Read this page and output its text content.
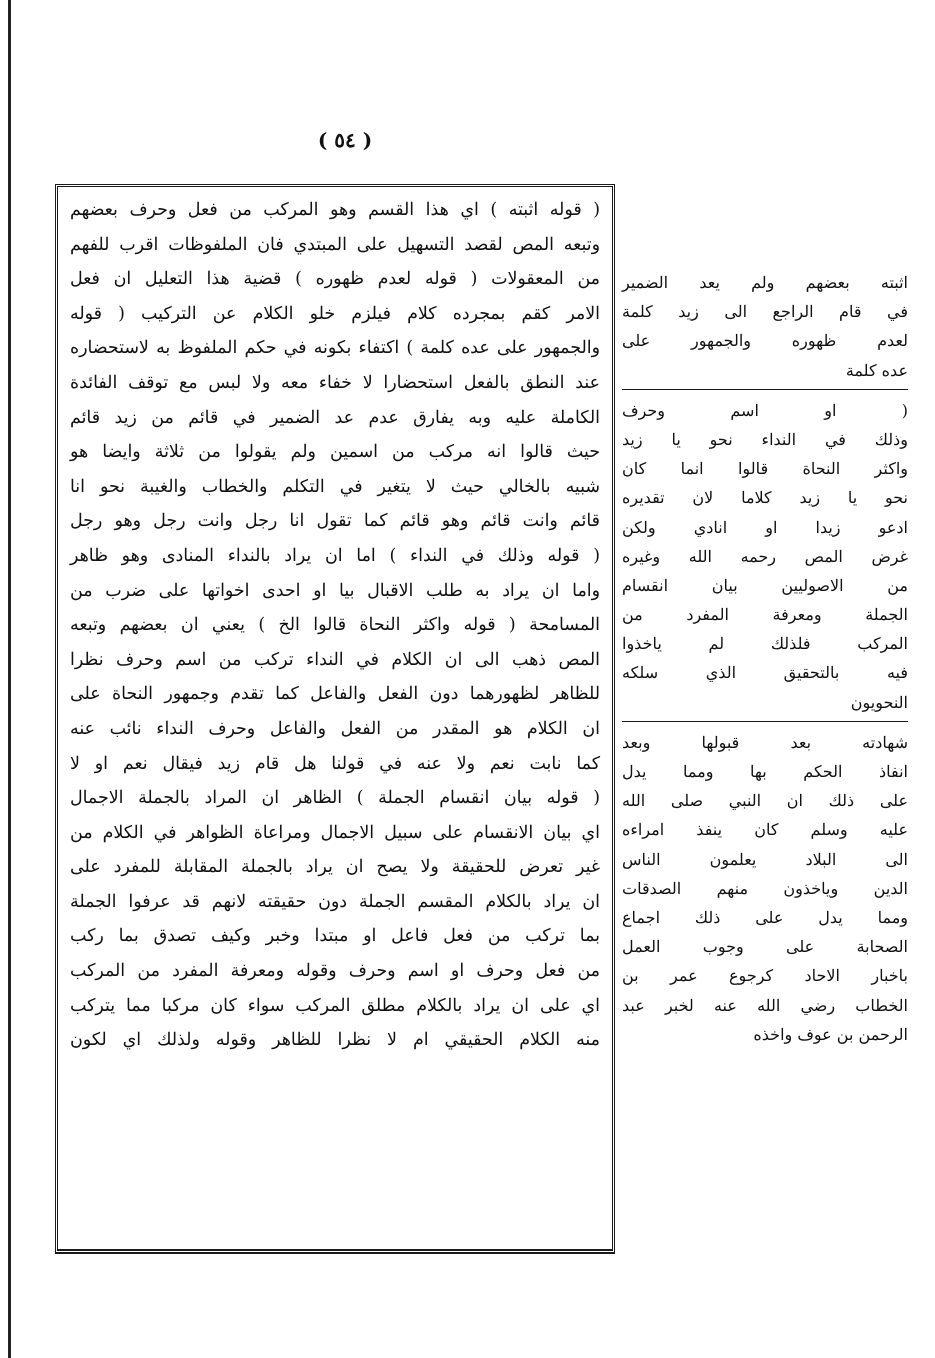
( ٥٤ )

( قوله اثبته ) اي هذا القسم وهو المركب من فعل وحرف بعضهم

وتبعه المص لقصد التسهيل على المبتدي فان الملفوظات اقرب للفهم

من المعقولات ( قوله لعدم ظهوره ) قضية هذا التعليل ان فعل

الامر كقم بمجرده كلام فيلزم خلو الكلام عن التركيب ( قوله

والجمهور على عده كلمة ) اكتفاء بكونه في حكم الملفوظ به لاستحضاره

عند النطق بالفعل استحضارا لا خفاء معه ولا لبس مع توقف الفائدة

الكاملة عليه وبه يفارق عدم عد الضمير في قائم من زيد قائم

حيث قالوا انه مركب من اسمين ولم يقولوا من ثلاثة وايضا هو

شبيه بالخالي حيث لا يتغير في التكلم والخطاب والغيبة نحو انا

قائم وانت قائم وهو قائم كما تقول انا رجل وانت رجل وهو رجل

( قوله وذلك في النداء ) اما ان يراد بالنداء المنادى وهو ظاهر

واما ان يراد به طلب الاقبال بيا او احدى اخواتها على ضرب من

المسامحة ( قوله واكثر النحاة قالوا الخ ) يعني ان بعضهم وتبعه

المص ذهب الى ان الكلام في النداء تركب من اسم وحرف نظرا

للظاهر لظهورهما دون الفعل والفاعل كما تقدم وجمهور النحاة على

ان الكلام هو المقدر من الفعل والفاعل وحرف النداء نائب عنه

كما نابت نعم ولا عنه في قولنا هل قام زيد فيقال نعم او لا

( قوله بيان انقسام الجملة ) الظاهر ان المراد بالجملة الاجمال

اي بيان الانقسام على سبيل الاجمال ومراعاة الظواهر في الكلام من

غير تعرض للحقيقة ولا يصح ان يراد بالجملة المقابلة للمفرد على

ان يراد بالكلام المقسم الجملة دون حقيقته لانهم قد عرفوا الجملة

بما تركب من فعل فاعل او مبتدا وخبر وكيف تصدق بما ركب

من فعل وحرف او اسم وحرف وقوله ومعرفة المفرد من المركب

اي على ان يراد بالكلام مطلق المركب سواء كان مركبا مما يتركب

منه الكلام الحقيقي ام لا نظرا للظاهر وقوله ولذلك اي لكون

اثبته بعضهم ولم يعد الضمير

في قام الراجع الى زيد كلمة

لعدم ظهوره والجمهور على

عده كلمة

( او اسم وحرف

وذلك في النداء نحو يا زيد

واكثر النحاة قالوا انما كان

نحو يا زيد كلاما لان تقديره

ادعو زيدا او انادي ولكن

غرض المص رحمه الله وغيره

من الاصوليين بيان انقسام

الجملة ومعرفة المفرد من

المركب فلذلك لم ياخذوا

فيه بالتحقيق الذي سلكه

النحويون

شهادته بعد قبولها وبعد

انفاذ الحكم بها ومما يدل

على ذلك ان النبي صلى الله

عليه وسلم كان ينفذ امراءه

الى البلاد يعلمون الناس

الدين وياخذون منهم الصدقات

ومما يدل على ذلك اجماع

الصحابة على وجوب العمل

باخبار الاحاد كرجوع عمر بن

الخطاب رضي الله عنه لخبر عبد

الرحمن بن عوف واخذه
